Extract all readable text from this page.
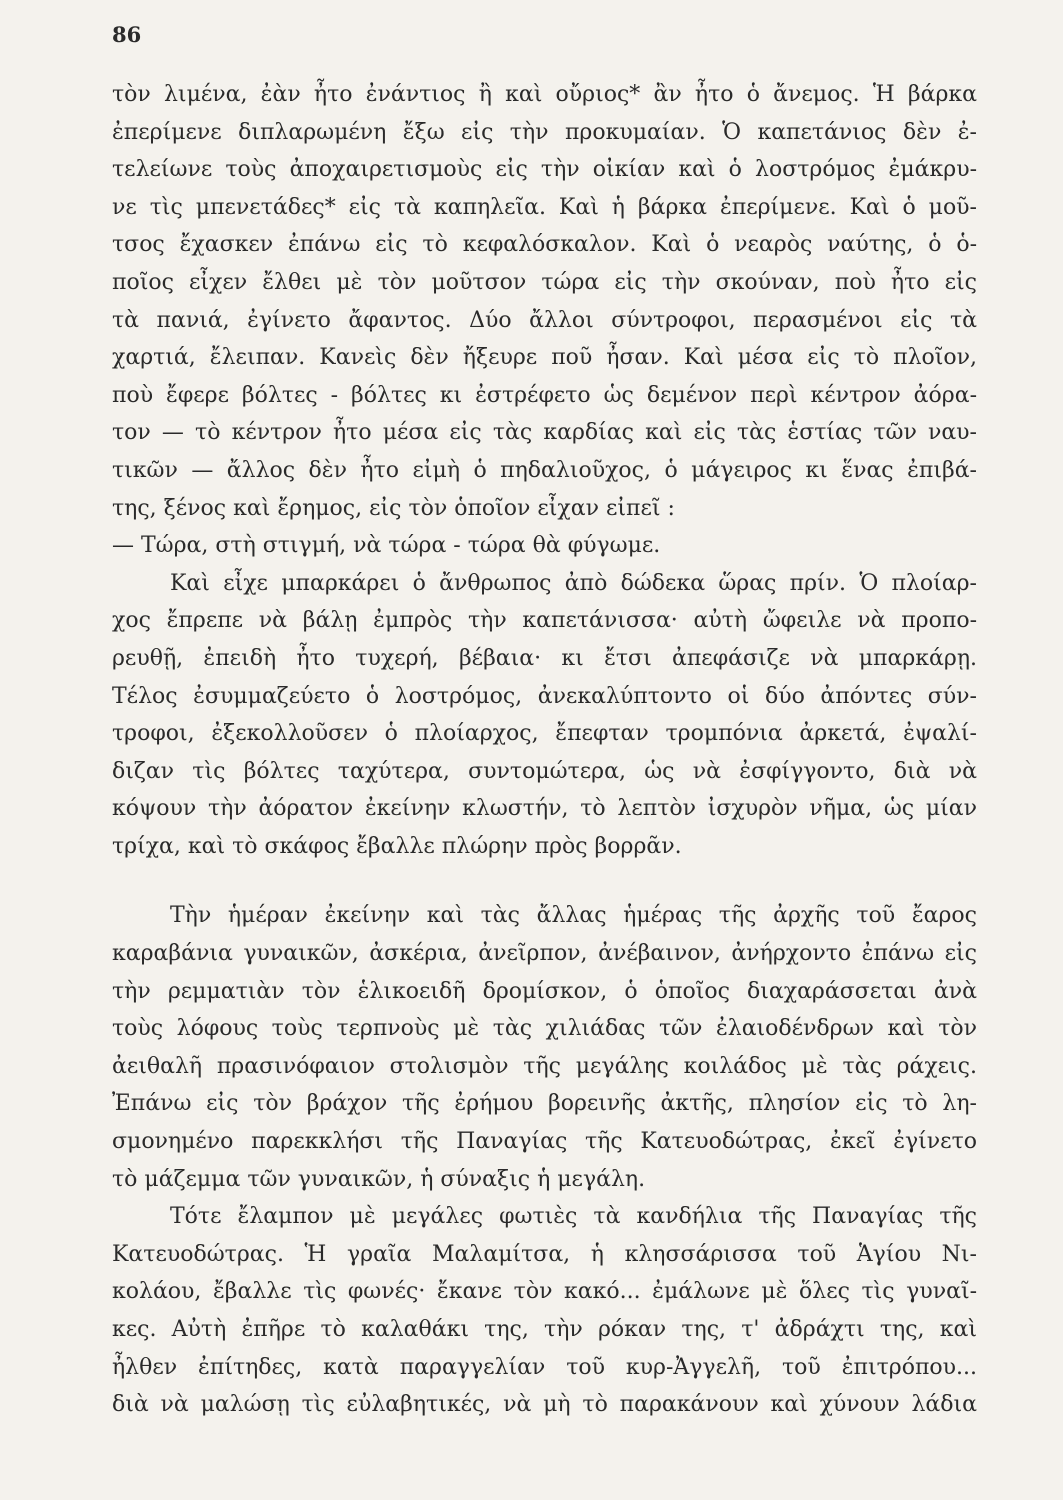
86
τὸν λιμένα, ἐὰν ἦτο ἐνάντιος ἢ καὶ οὔριος* ἂν ἦτο ὁ ἄνεμος. Ἡ βάρκα
ἐπερίμενε διπλαρωμένη ἔξω εἰς τὴν προκυμαίαν. Ὁ καπετάνιος δὲν ἐ-
τελείωνε τοὺς ἀποχαιρετισμοὺς εἰς τὴν οἰκίαν καὶ ὁ λοστρόμος ἐμάκρυ-
νε τὶς μπενετάδες* εἰς τὰ καπηλεῖα. Καὶ ἡ βάρκα ἐπερίμενε. Καὶ ὁ μοῦ-
τσος ἔχασκεν ἐπάνω εἰς τὸ κεφαλόσκαλον. Καὶ ὁ νεαρὸς ναύτης, ὁ ὁ-
ποῖος εἶχεν ἔλθει μὲ τὸν μοῦτσον τώρα εἰς τὴν σκούναν, ποὺ ἦτο εἰς
τὰ πανιά, ἐγίνετο ἄφαντος. Δύο ἄλλοι σύντροφοι, περασμένοι εἰς τὰ
χαρτιά, ἔλειπαν. Κανεὶς δὲν ἤξευρε ποῦ ἦσαν. Καὶ μέσα εἰς τὸ πλοῖον,
ποὺ ἔφερε βόλτες - βόλτες κι ἐστρέφετο ὡς δεμένον περὶ κέντρον ἀόρα-
τον — τὸ κέντρον ἦτο μέσα εἰς τὰς καρδίας καὶ εἰς τὰς ἑστίας τῶν ναυ-
τικῶν — ἄλλος δὲν ἦτο εἰμὴ ὁ πηδαλιοῦχος, ὁ μάγειρος κι ἕνας ἐπιβά-
της, ξένος καὶ ἔρημος, εἰς τὸν ὁποῖον εἶχαν εἰπεῖ :
— Τώρα, στὴ στιγμή, νὰ τώρα - τώρα θὰ φύγωμε.
Καὶ εἶχε μπαρκάρει ὁ ἄνθρωπος ἀπὸ δώδεκα ὥρας πρίν. Ὁ πλοίαρ-
χος ἔπρεπε νὰ βάλῃ ἐμπρὸς τὴν καπετάνισσα· αὐτὴ ὤφειλε νὰ προπο-
ρευθῇ, ἐπειδὴ ἦτο τυχερή, βέβαια· κι ἔτσι ἀπεφάσιζε νὰ μπαρκάρῃ.
Τέλος ἐσυμμαζεύετο ὁ λοστρόμος, ἀνεκαλύπτοντο οἱ δύο ἀπόντες σύν-
τροφοι, ἐξεκολλοῦσεν ὁ πλοίαρχος, ἔπεφταν τρομπόνια ἀρκετά, ἐψαλί-
διζαν τὶς βόλτες ταχύτερα, συντομώτερα, ὡς νὰ ἐσφίγγοντο, διὰ νὰ
κόψουν τὴν ἀόρατον ἐκείνην κλωστήν, τὸ λεπτὸν ἰσχυρὸν νῆμα, ὡς μίαν
τρίχα, καὶ τὸ σκάφος ἔβαλλε πλώρην πρὸς βορρᾶν.
Τὴν ἡμέραν ἐκείνην καὶ τὰς ἄλλας ἡμέρας τῆς ἀρχῆς τοῦ ἔαρος
καραβάνια γυναικῶν, ἀσκέρια, ἀνεῖρπον, ἀνέβαινον, ἀνήρχοντο ἐπάνω εἰς
τὴν ρεμματιὰν τὸν ἑλικοειδῆ δρομίσκον, ὁ ὁποῖος διαχαράσσεται ἀνὰ
τοὺς λόφους τοὺς τερπνοὺς μὲ τὰς χιλιάδας τῶν ἐλαιοδένδρων καὶ τὸν
ἀειθαλῆ πρασινόφαιον στολισμὸν τῆς μεγάλης κοιλάδος μὲ τὰς ράχεις.
Ἐπάνω εἰς τὸν βράχον τῆς ἐρήμου βορεινῆς ἀκτῆς, πλησίον εἰς τὸ λη-
σμονημένο παρεκκλήσι τῆς Παναγίας τῆς Κατευοδώτρας, ἐκεῖ ἐγίνετο
τὸ μάζεμμα τῶν γυναικῶν, ἡ σύναξις ἡ μεγάλη.
Τότε ἔλαμπον μὲ μεγάλες φωτιὲς τὰ κανδήλια τῆς Παναγίας τῆς
Κατευοδώτρας. Ἡ γραῖα Μαλαμίτσα, ἡ κλησσάρισσα τοῦ Ἁγίου Νι-
κολάου, ἔβαλλε τὶς φωνές· ἔκανε τὸν κακό... ἐμάλωνε μὲ ὅλες τὶς γυναῖ-
κες. Αὐτὴ ἐπῆρε τὸ καλαθάκι της, τὴν ρόκαν της, τ' ἀδράχτι της, καὶ
ἦλθεν ἐπίτηδες, κατὰ παραγγελίαν τοῦ κυρ-Ἀγγελῆ, τοῦ ἐπιτρόπου...
διὰ νὰ μαλώσῃ τὶς εὐλαβητικές, νὰ μὴ τὸ παρακάνουν καὶ χύνουν λάδια
